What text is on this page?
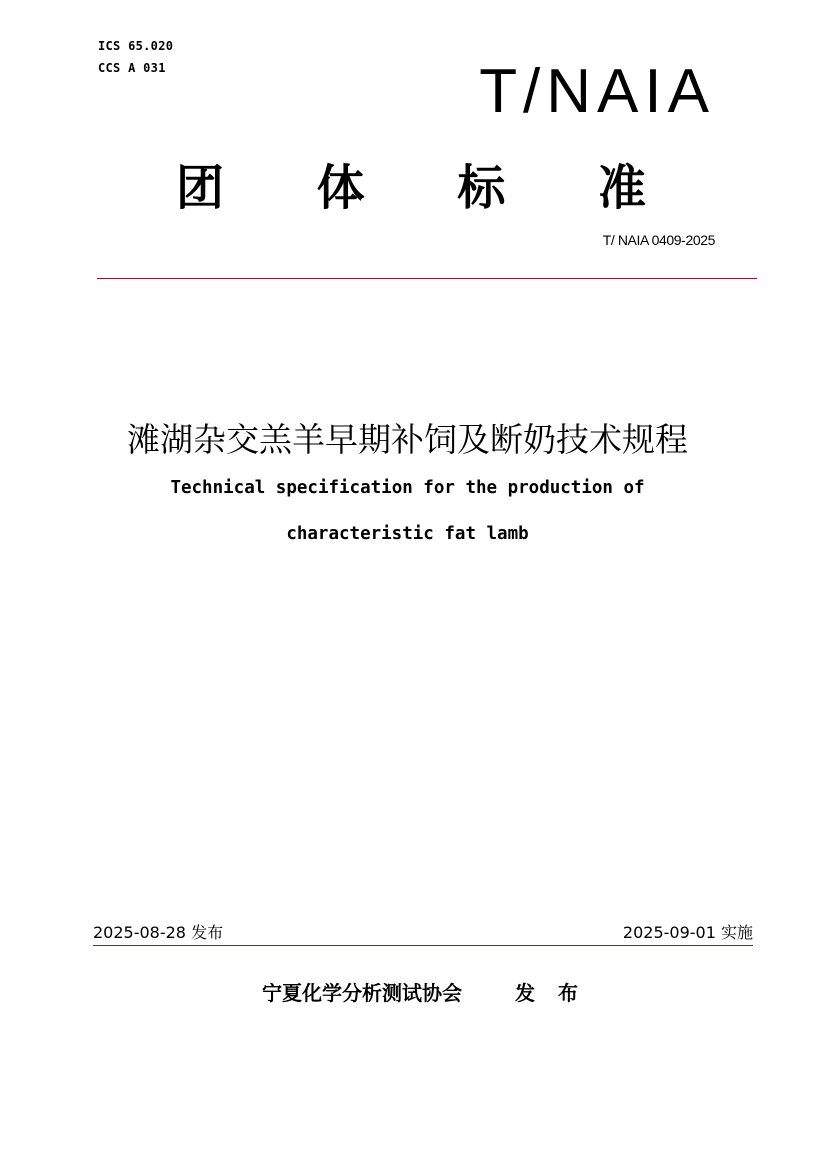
ICS 65.020
CCS A 031	T/NAIA
团 体 标 准
T/ NAIA 0409-2025
滩湖杂交羔羊早期补饲及断奶技术规程
Technical specification for the production of
characteristic fat lamb
2025-08-28 发布	2025-09-01 实施
宁夏化学分析测试协会	发 布
